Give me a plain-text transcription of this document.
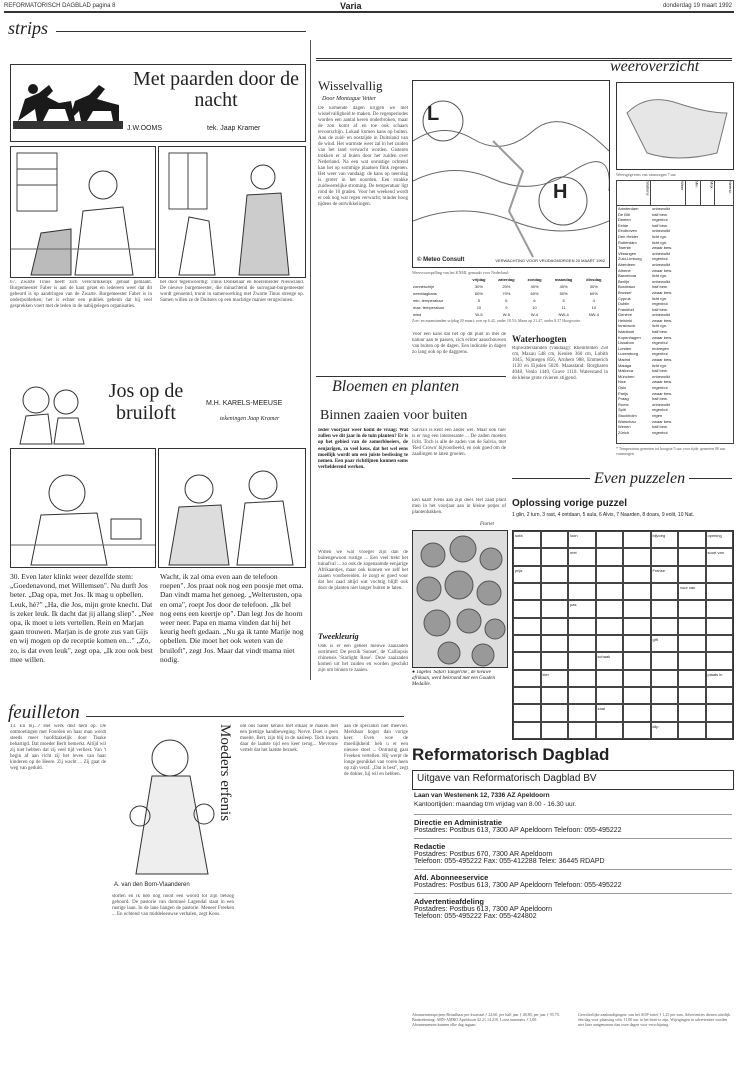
REFORMATORISCH DAGBLAD pagina 8	Varia	donderdag 19 maart 1992
strips
Met paarden door de nacht
J.W.OOMS	tek. Jaap Kramer
67. Zwarte Tinus heeft zich verschrikkelijk gebaat gemaakt. Burgemeester Faber is aan de kant gezet en iedereen weet dat dit gebeurd is op aandringen van de Zwarte. Burgemeester Faber is in onderpolderken; het is echter een publiek geheim dat hij veel gesprekken voert met de leden in de nabijgelegen organisaties.
het door tegenwoordig: Tinus Donkelaar en boerenleider Nieuwland. De nieuwe burgemeester, die minachtend de surrogaat-burgemeester wordt genoemd, tronit in samenwerking met Zwarte Tinus strenge op. Samen willen ze de Duitsers op een machtige manier terugwinnen.
Jos op de bruiloft	M.H. KARELS-MEEUSE
tekeningen Jaap Kramer
30. Even later klinkt weer dezelfde stem: „Goedenavond, met Willemsen". Nu durft Jos beter. „Dag opa, met Jos. Ik mag u opbellen. Leuk, hè?" „Ha, die Jos, mijn grote knecht. Dat is zeker leuk. Ik dacht dat jij allang sliep". „Nee opa, ik moet u iets vertellen. Rein en Marjan gaan trouwen. Marjan is de grote zus van Gijs en wij mogen op de receptie komen en..." „Zo, zo, is dat even leuk", zegt opa. „Ik zou ook best mee willen.
Wacht, ik zal oma even aan de telefoon roepen". Jos praat ook nog een poosje met oma. Dan vindt mama het genoeg. „Welterusten, opa en oma", roept Jos door de telefoon. „Ik bel nog eens een keertje op". Dan legt Jos de hoorn weer neer. Papa en mama vinden dat hij het keurig heeft gedaan. „Nu ga ik tante Marije nog opbellen. Die moet het ook weten van de bruiloft", zegt Jos. Maar dat vindt mama niet nodig.
feuilleton
13. En bij...? Het werk dikt hem op. De ontmoetingen met Foorden en haar man wordt steeds meer hoofdzakelijk door Tisake behartigd. Dat moeder Berlt bemerkt. Altijd wil zij niet hebben dat zij veel tijd verliest. Van 't begin af aan richt zij het leven van haar kinderen op de Heere. Zij wacht ... Zij gaat de weg van geduld.	Moeders erfenis
A. van den Born-Vlaanderen
storten en ik heb nog nooit een woord tot zijn betoog gehoord. De pastorie van domineé Lagendal staat in een rustige laan. In de lane hangen de pastorie. Meneer Freeken ... En ochtend van middeleeuwse verhalen, zegt Koos.
om ons nader kennis met elkaar te maken met een prettige handbeweging. Nerve. Doet u geen moeite, Bert, zijn blij in de nasleep. Toch kwam daar de laatste tijd een keer terug... Mevrouw vertelt dat het laatste bezoek.
aan de specialist niet meeviel. Merkbaar hoger dan vorige keer. Even woe de moeilijkheid: heb u er een nieuwe stoel ... Ontrustig gaat Freeken vertellen. Hij werpt de longe gesnikkel van voren heen op zijn veraf. „Dat is best", zegt de dokter, hij wil en hebben.
Wisselvallig
Door Montague Vetter
De komende dagen krijgen we met wisselvalligheid te maken. De regenperiodes worden een aantal keren onderbroken, maar de zon komt af en toe ook schaars tevoorschijn. Lokaal komen kans op buiten. Aan de zuid- en oostzijde in Duitsland van de wind. Het warmste weer zal in het zuiden van het land verwacht worden. Gisteren trokken er al buien door het zuiden over Nederland. Na een wat onrustige ochtend kan het op sommige plaatsen flink regenen. Het weer van vandaag: de kans op neerslag is groter in het noorden. Een strakke zuidwestelijke stroming. De temperatuur ligt rond de 10 graden. Voor het weekend wordt er ook nog wat regen verwacht; minder hoog tijdens de ontwikkelingen.
weeroverzicht
L
H
© Meteo Consult	VERWACHTING VOOR VRIJDAGMORGEN 20 MAART 1992
Weersvoorspelling van het KNMI, gemaakt voor Nederland:
	vrijdag	zaterdag	zondag	maandag	dinsdag
zonneschijn	30%	20%	30%	40%	30%
neerslagkans	60%	70%	60%	50%	60%
min. temperatuur	5	6	6	5	4
max. temperatuur	10	9	10	11	10
wind	W-5	W-5	W-4	NW-4	NW-4
Zon- en maanstanden vrijdag 20 maart: zon op 6.42, onder 18.53; Maan op 21.47, onder 8.37 Hoogwater.
Voor een kans dat het op dit punt in mei de natuur aan te passen, zich echter aanschouwen van buiten op de dagen. Een indicatie in dagen zo lang ook op de daggrens.
Waterhoogten
Rijnwaterstanden (vandaag): Rheinfelden 258 cm, Maxau 548 cm, Keulen 360 cm, Lobith 1045, Nijmegen 856, Arnhem 988, Emmerich 1130 en Eijsden 5020. Maasstand: Borgharen 4048, Venlo 1440, Grave 1110. Waterstand in de kleine grote rivieren stijgend.
Weersgegevens van vanmorgen 7 uur
Stations	Weer	Min	Max	Neersl.
Amsterdam	onbewolkt
De Bilt	half bew.
Deelen	regenbui
Eelde	half bew.
Eindhoven	onbewolkt
Den Helder	licht rgn.
Rotterdam	licht rgn.
Twente	zwaar bew.
Vlissingen	onbewolkt
Zuid-Limburg	regenbui
Aberdeen	onbewolkt
Athene	zwaar bew.
Barcelona	licht rgn.
Berlijn	onbewolkt
Bordeaux	half bew.
Brussel	zwaar bew.
Cyprus	licht rgn.
Dublin	regenbui
Frankfort	half bew.
Genève	onbewolkt
Helsinki	zwaar bew.
Innsbruck	licht rgn.
Istanboel	half bew.
Kopenhagen	zwaar bew.
Lissabon	regenbui
Londen	motregen
Luxemburg	regenbui
Madrid	zwaar bew.
Malaga	licht rgn.
Mallorca	half bew.
München	onbewolkt
Nice	zwaar bew.
Oslo	regenbui
Parijs	zwaar bew.
Praag	half bew.
Rome	onbewolkt
Split	regenbui
Stockholm	regen
Warschau	zwaar bew.
Wenen	half bew.
Zürich	regenbui
* Temperatuur gemeten tot hoogste 5 uur voor tijde, gemeten 00 uur vanmorgen
Bloemen en planten
Binnen zaaien voor buiten
Ieder voorjaar weer komt de vraag: Wat zullen we dit jaar in de tuin planten? Er is op het gebied van de zomerbloeiers, de eenjarigen, zo veel keus, dat het wel eens moeilijk wordt om een juiste beslissing te nemen. Een paar richtlijnen kunnen soms verhelderend werken.
Willen we wat vroeger zijn dan de buitengewoon rustige ... Een veel trekt het tuinafval ... zo ook de zogenaamde eenjarige Afrikaantjes, maar ook kunnen we zelf het zaaien voorbereiden. Je zorgt er goed voor dat het zaad altijd wat vochtig blijft ook door de planten niet langer buiten te laten.
Tweekleurig
Ook is er een geheel nieuwe zaaizaden sortiment: De perzik 'Sunset', de 'Calliopsis chinensis 'Starlight Rose'. Deze zaaizaden komen uit het zuiden en worden geschikt zijn om binnen te zaaien.
Salvia's is kent een ander wel. Maar ook hier is er nog een interessante ... De zaden moeten licht. Toch is alle de zaden van de Salvia, met 'Red Crown' bijvoorbeeld, en ook goed om de zaailingen te laten groeien.
Een kaart Ivens aan zijn doel. Het zaad plant men in het voorjaar aan in kleine potjes of plantenbakken.
Floriet
● Tagetes 'Safari Tangerine', de nieuwe afrikaan, werd bekroond met een Gouden Medaille.
Even puzzelen
Oplossing vorige puzzel
1 glin, 2 turn, 3 rast, 4 ontdaan, 5 aula, 6 Alvis, 7 Naarden, 8 doars, 9 eolit, 10 Nat.
sofa	loon	bijvoeg	opening
met	soort van
prijs	Franse
vuur van
pas
gift
schaak
kier	plaats in
zaal
klip
Reformatorisch Dagblad
Uitgave van Reformatorisch Dagblad BV
Laan van Westenenk 12, 7336 AZ Apeldoorn
Kantoortijden: maandag t/m vrijdag van 8.00 - 16.30 uur.
Directie en Administratie
Postadres: Postbus 613, 7300 AP Apeldoorn Telefoon: 055-495222
Redactie
Postadres: Postbus 670, 7300 AR Apeldoorn
Telefoon: 055-495222 Fax: 055-412288 Telex: 36445 RDAPD
Afd. Abonneeservice
Postadres: Postbus 613, 7300 AP Apeldoorn Telefoon: 055-495222
Advertentieafdeling
Postadres: Postbus 613, 7300 AP Apeldoorn
Telefoon: 055-495222 Fax: 055-424802
Abonnementsprijzen Betaalbaar per kwartaal ƒ 24,60, per half jaar ƒ 48,80, per jaar ƒ 95,70. Bankrekening: ABN-AMRO Apeldoorn 42.21.14.210. Losse nummers ƒ 1,00. Abonnementen kunnen elke dag ingaan.
Gerechtelijke aankondigingen: van het AOP-tarief ƒ 1,25 per mm. Advertenties dienen uiterlijk één dag voor plaatsing vóór 11.00 uur in het bezit te zijn. Wijzigingen in advertenties worden niet later aangenomen dan twee dagen voor verschijning.
